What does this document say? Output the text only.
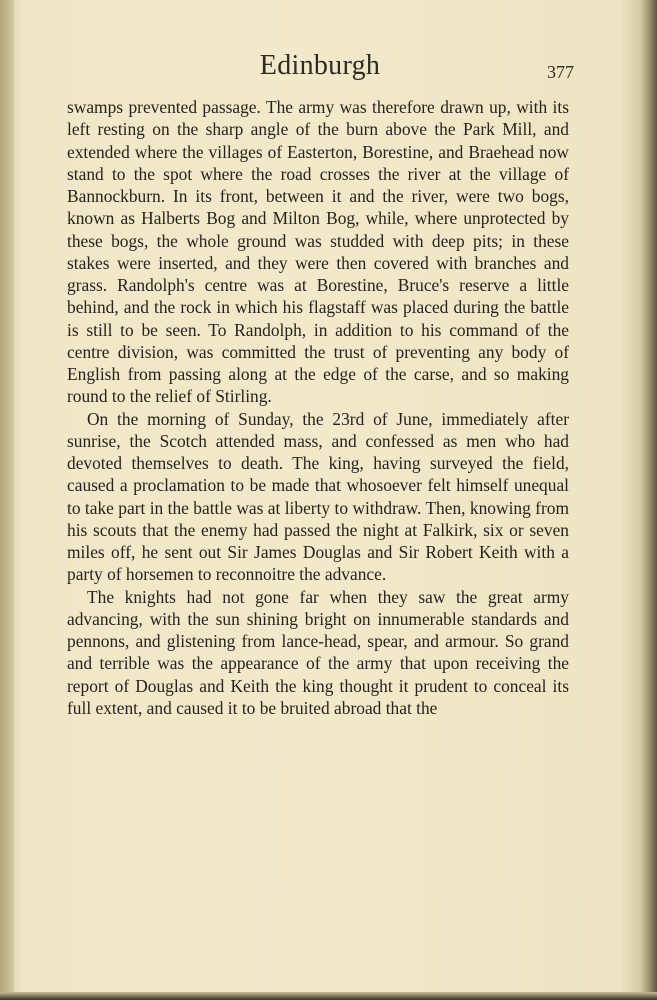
Edinburgh	377

swamps prevented passage. The army was therefore drawn up, with its left resting on the sharp angle of the burn above the Park Mill, and extended where the villages of Easterton, Borestine, and Braehead now stand to the spot where the road crosses the river at the village of Bannockburn. In its front, between it and the river, were two bogs, known as Halberts Bog and Milton Bog, while, where unprotected by these bogs, the whole ground was studded with deep pits; in these stakes were inserted, and they were then covered with branches and grass. Randolph's centre was at Borestine, Bruce's reserve a little behind, and the rock in which his flagstaff was placed during the battle is still to be seen. To Randolph, in addition to his command of the centre division, was committed the trust of preventing any body of English from passing along at the edge of the carse, and so making round to the relief of Stirling.

On the morning of Sunday, the 23rd of June, immediately after sunrise, the Scotch attended mass, and confessed as men who had devoted themselves to death. The king, having surveyed the field, caused a proclamation to be made that whosoever felt himself unequal to take part in the battle was at liberty to withdraw. Then, knowing from his scouts that the enemy had passed the night at Falkirk, six or seven miles off, he sent out Sir James Douglas and Sir Robert Keith with a party of horsemen to reconnoitre the advance.

The knights had not gone far when they saw the great army advancing, with the sun shining bright on innumerable standards and pennons, and glistening from lance-head, spear, and armour. So grand and terrible was the appearance of the army that upon receiving the report of Douglas and Keith the king thought it prudent to conceal its full extent, and caused it to be bruited abroad that the
